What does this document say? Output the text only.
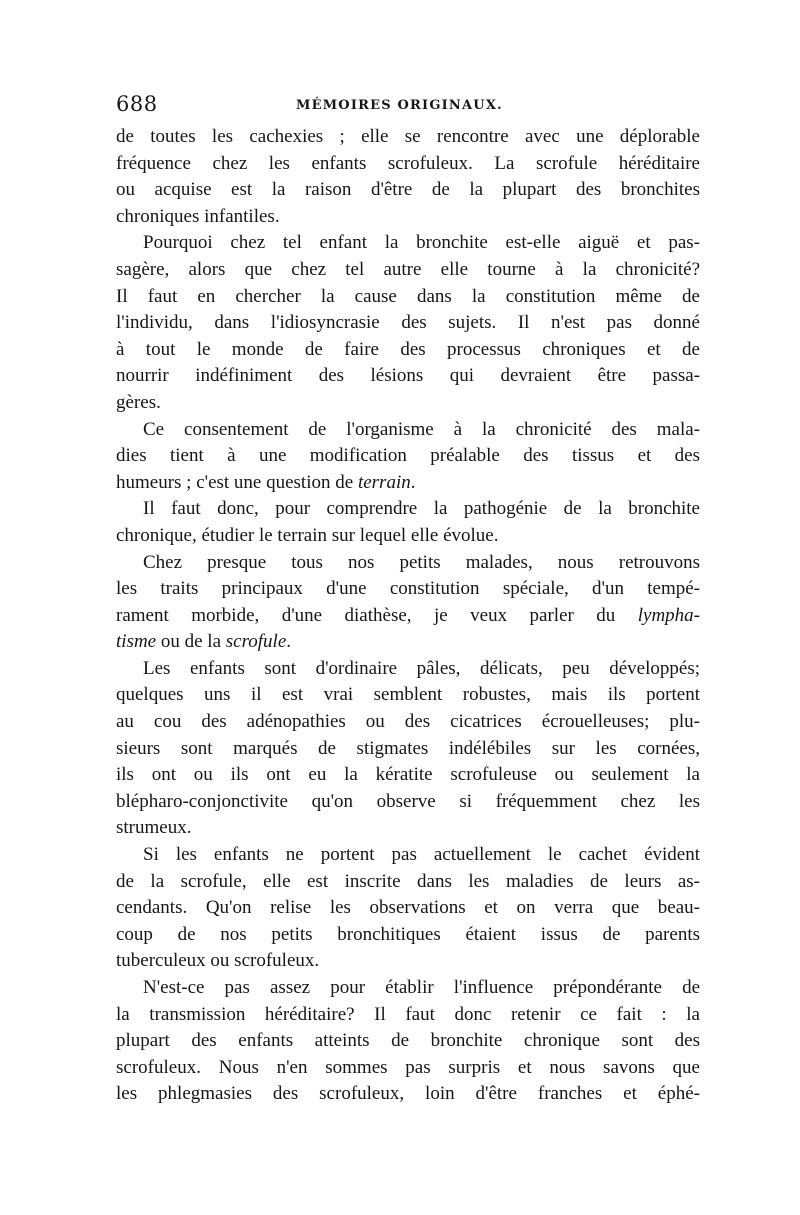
688	MÉMOIRES ORIGINAUX.
de toutes les cachexies ; elle se rencontre avec une déplorable
fréquence chez les enfants scrofuleux. La scrofule héréditaire
ou acquise est la raison d'être de la plupart des bronchites
chroniques infantiles.
Pourquoi chez tel enfant la bronchite est-elle aiguë et pas-
sagère, alors que chez tel autre elle tourne à la chronicité?
Il faut en chercher la cause dans la constitution même de
l'individu, dans l'idiosyncrasie des sujets. Il n'est pas donné
à tout le monde de faire des processus chroniques et de
nourrir indéfiniment des lésions qui devraient être passa-
gères.
Ce consentement de l'organisme à la chronicité des mala-
dies tient à une modification préalable des tissus et des
humeurs ; c'est une question de terrain.
Il faut donc, pour comprendre la pathogénie de la bronchite
chronique, étudier le terrain sur lequel elle évolue.
Chez presque tous nos petits malades, nous retrouvons
les traits principaux d'une constitution spéciale, d'un tempé-
rament morbide, d'une diathèse, je veux parler du lympha-
tisme ou de la scrofule.
Les enfants sont d'ordinaire pâles, délicats, peu développés;
quelques uns il est vrai semblent robustes, mais ils portent
au cou des adénopathies ou des cicatrices écrouelleuses; plu-
sieurs sont marqués de stigmates indélébiles sur les cornées,
ils ont ou ils ont eu la kératite scrofuleuse ou seulement la
blépharo-conjonctivite qu'on observe si fréquemment chez les
strumeux.
Si les enfants ne portent pas actuellement le cachet évident
de la scrofule, elle est inscrite dans les maladies de leurs as-
cendants. Qu'on relise les observations et on verra que beau-
coup de nos petits bronchitiques étaient issus de parents
tuberculeux ou scrofuleux.
N'est-ce pas assez pour établir l'influence prépondérante de
la transmission héréditaire? Il faut donc retenir ce fait : la
plupart des enfants atteints de bronchite chronique sont des
scrofuleux. Nous n'en sommes pas surpris et nous savons que
les phlegmasies des scrofuleux, loin d'être franches et éphé-
